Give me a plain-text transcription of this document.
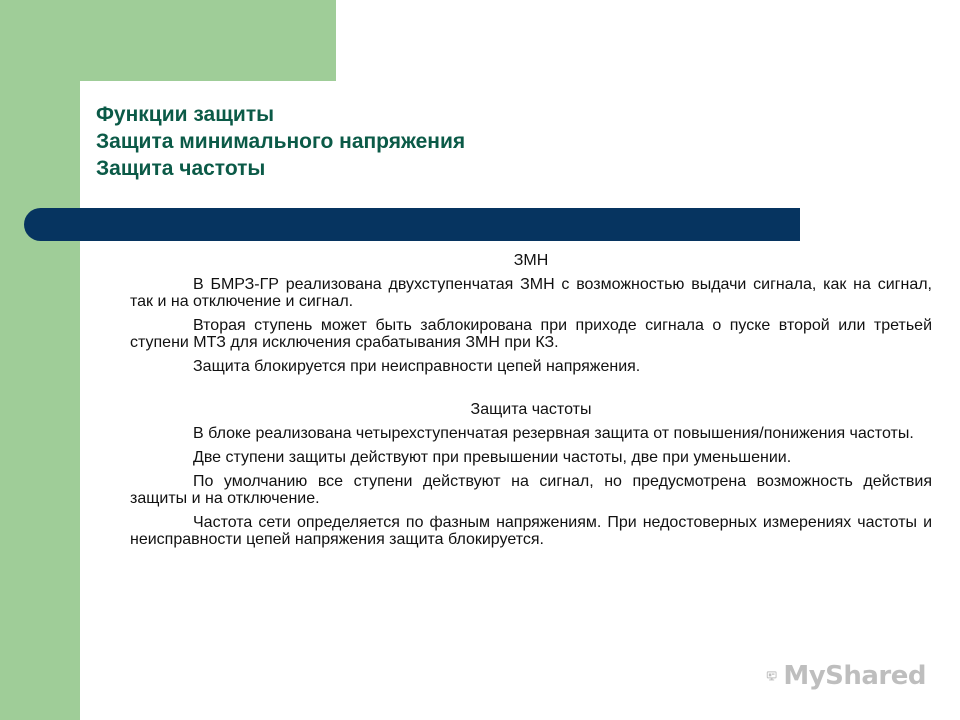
Функции защиты
Защита минимального напряжения
Защита частоты
ЗМН

В БМРЗ-ГР реализована двухступенчатая ЗМН с возможностью выдачи сигнала, как на сигнал, так и на отключение и сигнал.

Вторая ступень может быть заблокирована при приходе сигнала о пуске второй или третьей ступени МТЗ для исключения срабатывания ЗМН при КЗ.

Защита блокируется при неисправности цепей напряжения.

Защита частоты

В блоке реализована четырехступенчатая резервная защита от повышения/понижения частоты.

Две ступени защиты действуют при превышении частоты, две при уменьшении.

По умолчанию все ступени действуют на сигнал, но предусмотрена возможность действия защиты и на отключение.

Частота сети определяется по фазным напряжениям. При недостоверных измерениях частоты и неисправности цепей напряжения защита блокируется.

MyShared
